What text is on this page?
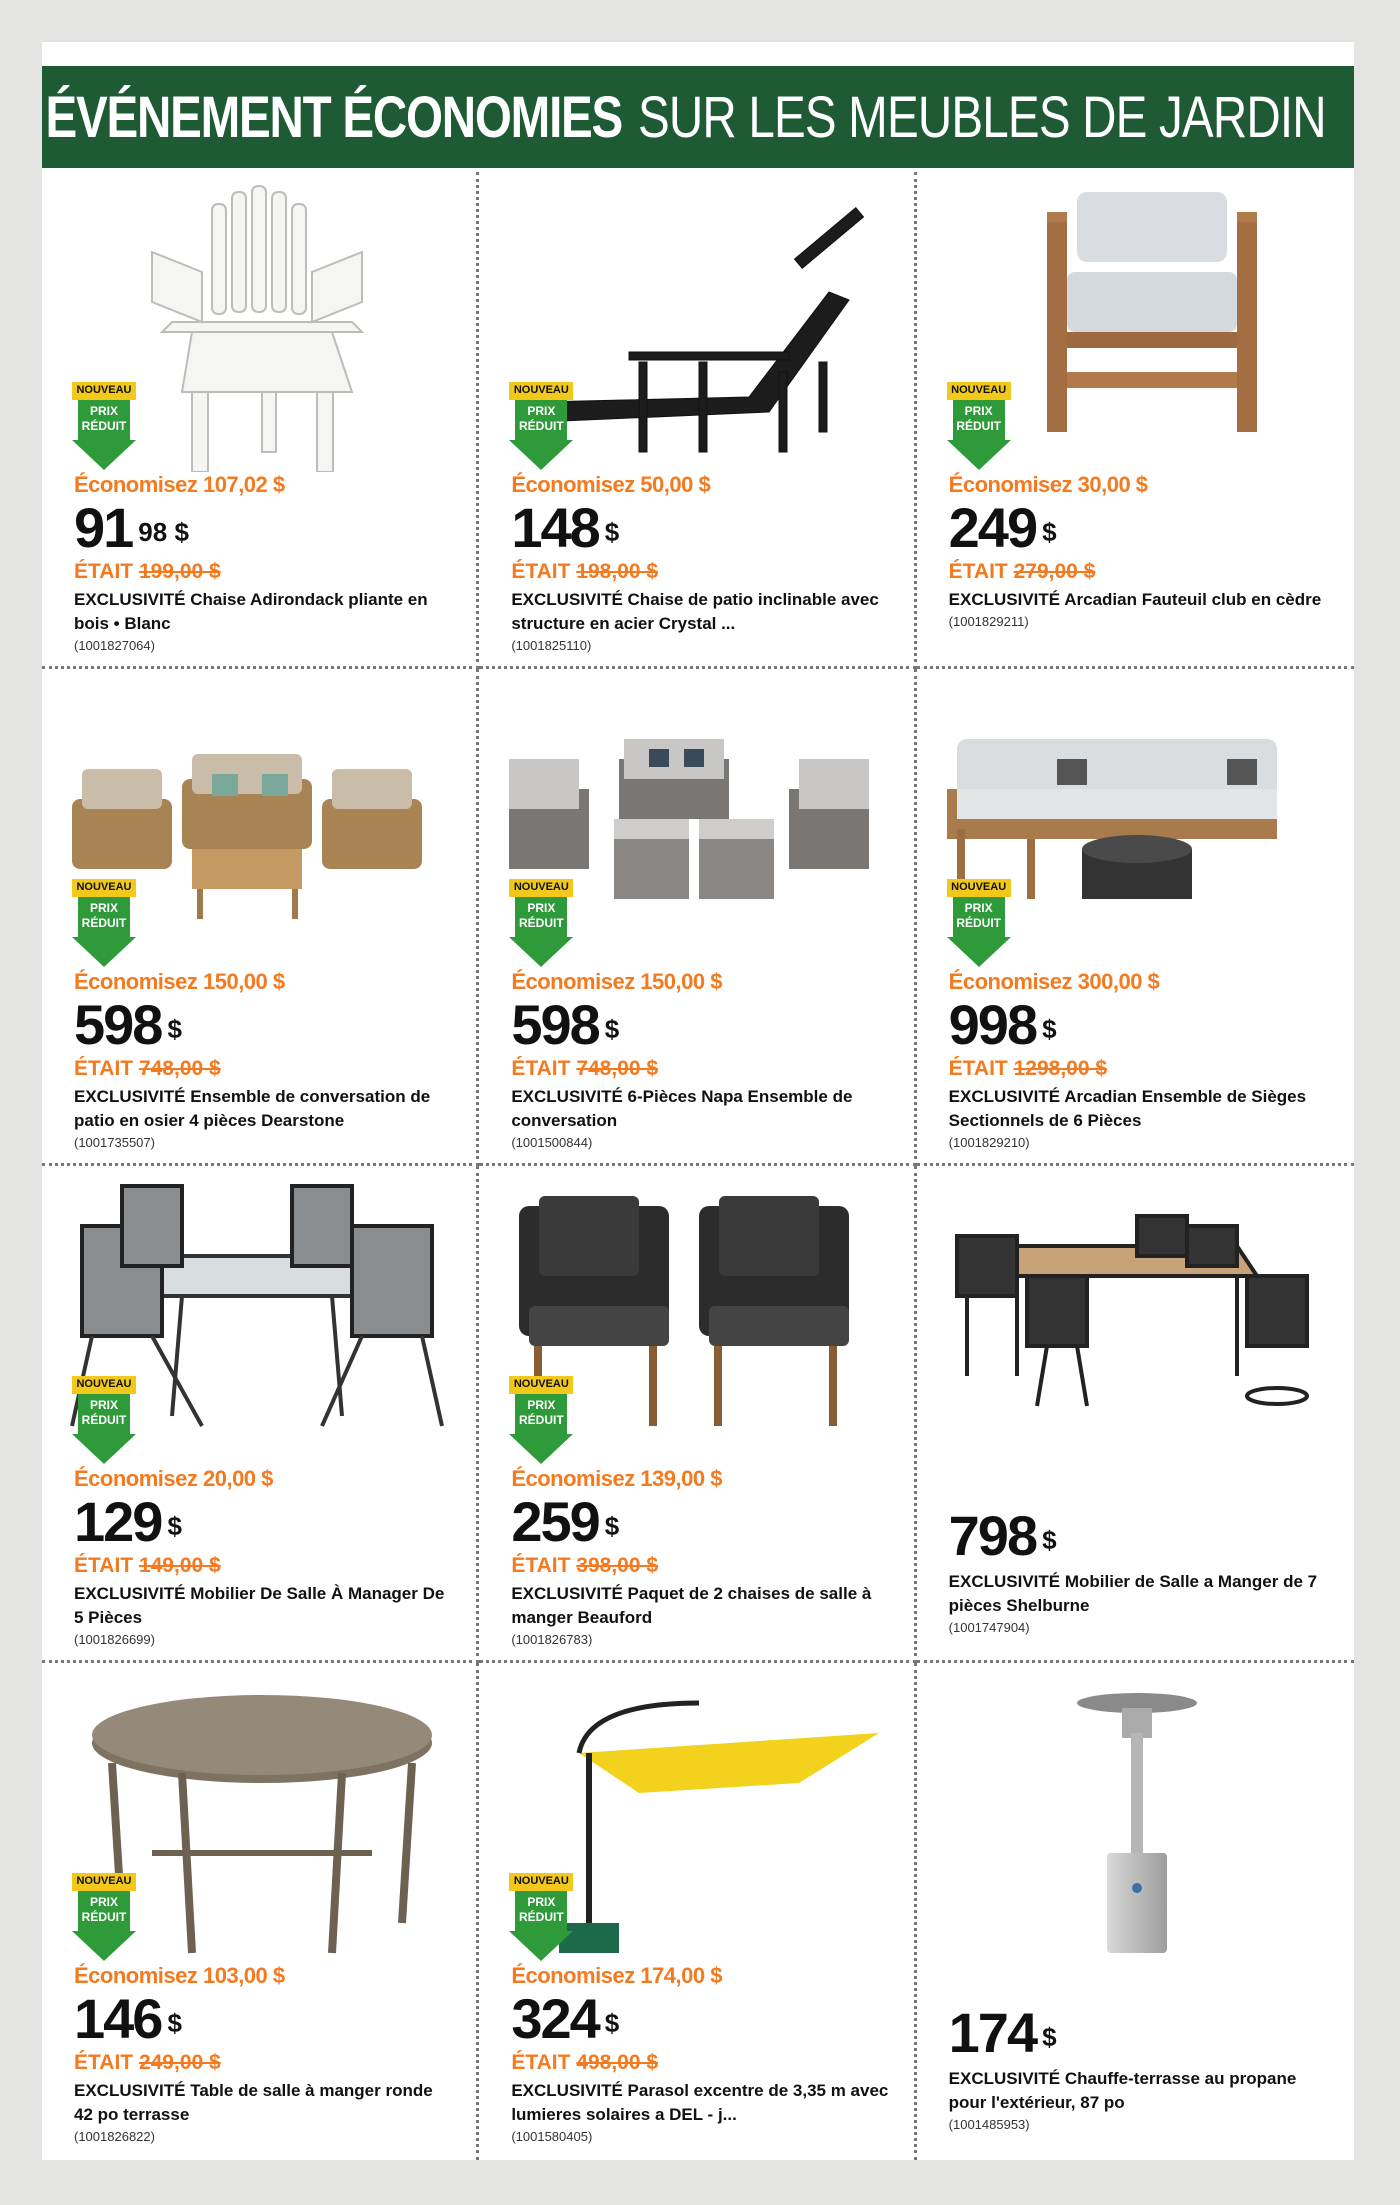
ÉVÉNEMENT ÉCONOMIES SUR LES MEUBLES DE JARDIN
NOUVEAU
PRIX
RÉDUIT
Économisez 107,02 $
91 $^{98 \$}$
ÉTAIT 199,00 $
EXCLUSIVITÉ Chaise Adirondack pliante en bois • Blanc
(1001827064)
NOUVEAU
PRIX
RÉDUIT
Économisez 50,00 $
148 $
ÉTAIT 198,00 $
EXCLUSIVITÉ Chaise de patio inclinable avec structure en acier Crystal ...
(1001825110)
NOUVEAU
PRIX
RÉDUIT
Économisez 30,00 $
249 $
ÉTAIT 279,00 $
EXCLUSIVITÉ Arcadian Fauteuil club en cèdre
(1001829211)
NOUVEAU
PRIX
RÉDUIT
Économisez 150,00 $
598 $
ÉTAIT 748,00 $
EXCLUSIVITÉ Ensemble de conversation de patio en osier 4 pièces Dearstone
(1001735507)
NOUVEAU
PRIX
RÉDUIT
Économisez 150,00 $
598 $
ÉTAIT 748,00 $
EXCLUSIVITÉ 6-Pièces Napa Ensemble de conversation
(1001500844)
NOUVEAU
PRIX
RÉDUIT
Économisez 300,00 $
998 $
ÉTAIT 1298,00 $
EXCLUSIVITÉ Arcadian Ensemble de Sièges Sectionnels de 6 Pièces
(1001829210)
NOUVEAU
PRIX
RÉDUIT
Économisez 20,00 $
129 $
ÉTAIT 149,00 $
EXCLUSIVITÉ Mobilier De Salle À Manager De 5 Pièces
(1001826699)
NOUVEAU
PRIX
RÉDUIT
Économisez 139,00 $
259 $
ÉTAIT 398,00 $
EXCLUSIVITÉ Paquet de 2 chaises de salle à manger Beauford
(1001826783)
798 $
EXCLUSIVITÉ Mobilier de Salle a Manger de 7 pièces Shelburne
(1001747904)
NOUVEAU
PRIX
RÉDUIT
Économisez 103,00 $
146 $
ÉTAIT 249,00 $
EXCLUSIVITÉ Table de salle à manger ronde 42 po terrasse
(1001826822)
NOUVEAU
PRIX
RÉDUIT
Économisez 174,00 $
324 $
ÉTAIT 498,00 $
EXCLUSIVITÉ Parasol excentre de 3,35 m avec lumieres solaires a DEL - j...
(1001580405)
174 $
EXCLUSIVITÉ Chauffe-terrasse au propane pour l'extérieur, 87 po
(1001485953)
